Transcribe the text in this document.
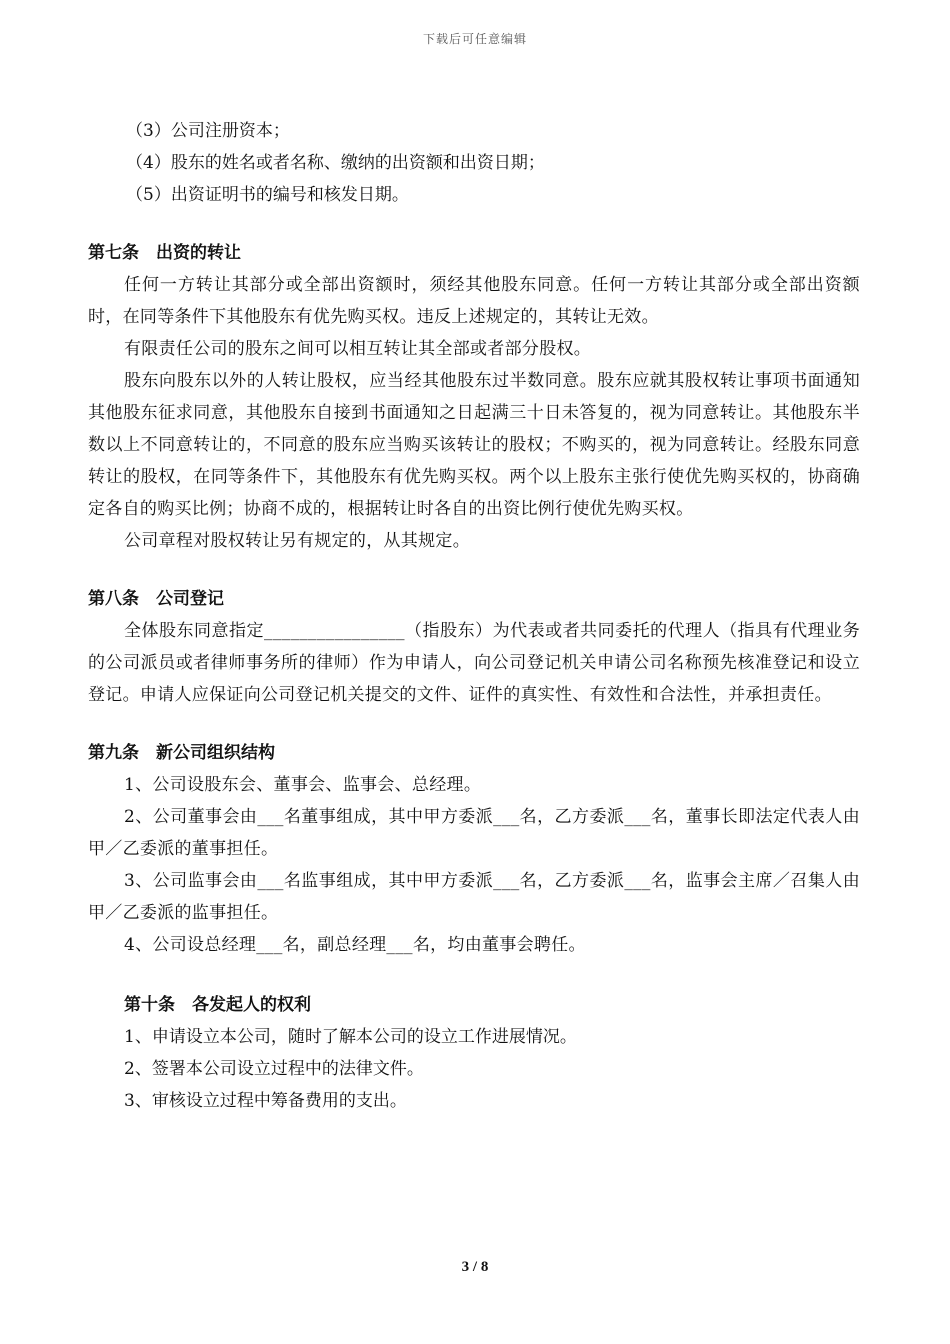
下载后可任意编辑
（3）公司注册资本；
（4）股东的姓名或者名称、缴纳的出资额和出资日期；
（5）出资证明书的编号和核发日期。
第七条　出资的转让
任何一方转让其部分或全部出资额时，须经其他股东同意。任何一方转让其部分或全部出资额时，在同等条件下其他股东有优先购买权。违反上述规定的，其转让无效。
有限责任公司的股东之间可以相互转让其全部或者部分股权。
股东向股东以外的人转让股权，应当经其他股东过半数同意。股东应就其股权转让事项书面通知其他股东征求同意，其他股东自接到书面通知之日起满三十日未答复的，视为同意转让。其他股东半数以上不同意转让的，不同意的股东应当购买该转让的股权；不购买的，视为同意转让。经股东同意转让的股权，在同等条件下，其他股东有优先购买权。两个以上股东主张行使优先购买权的，协商确定各自的购买比例；协商不成的，根据转让时各自的出资比例行使优先购买权。
公司章程对股权转让另有规定的，从其规定。
第八条　公司登记
全体股东同意指定________________（指股东）为代表或者共同委托的代理人（指具有代理业务的公司派员或者律师事务所的律师）作为申请人，向公司登记机关申请公司名称预先核准登记和设立登记。申请人应保证向公司登记机关提交的文件、证件的真实性、有效性和合法性，并承担责任。
第九条　新公司组织结构
1、公司设股东会、董事会、监事会、总经理。
2、公司董事会由___名董事组成，其中甲方委派___名，乙方委派___名，董事长即法定代表人由甲／乙委派的董事担任。
3、公司监事会由___名监事组成，其中甲方委派___名，乙方委派___名，监事会主席／召集人由甲／乙委派的监事担任。
4、公司设总经理___名，副总经理___名，均由董事会聘任。
第十条　各发起人的权利
1、申请设立本公司，随时了解本公司的设立工作进展情况。
2、签署本公司设立过程中的法律文件。
3、审核设立过程中筹备费用的支出。
3 / 8
